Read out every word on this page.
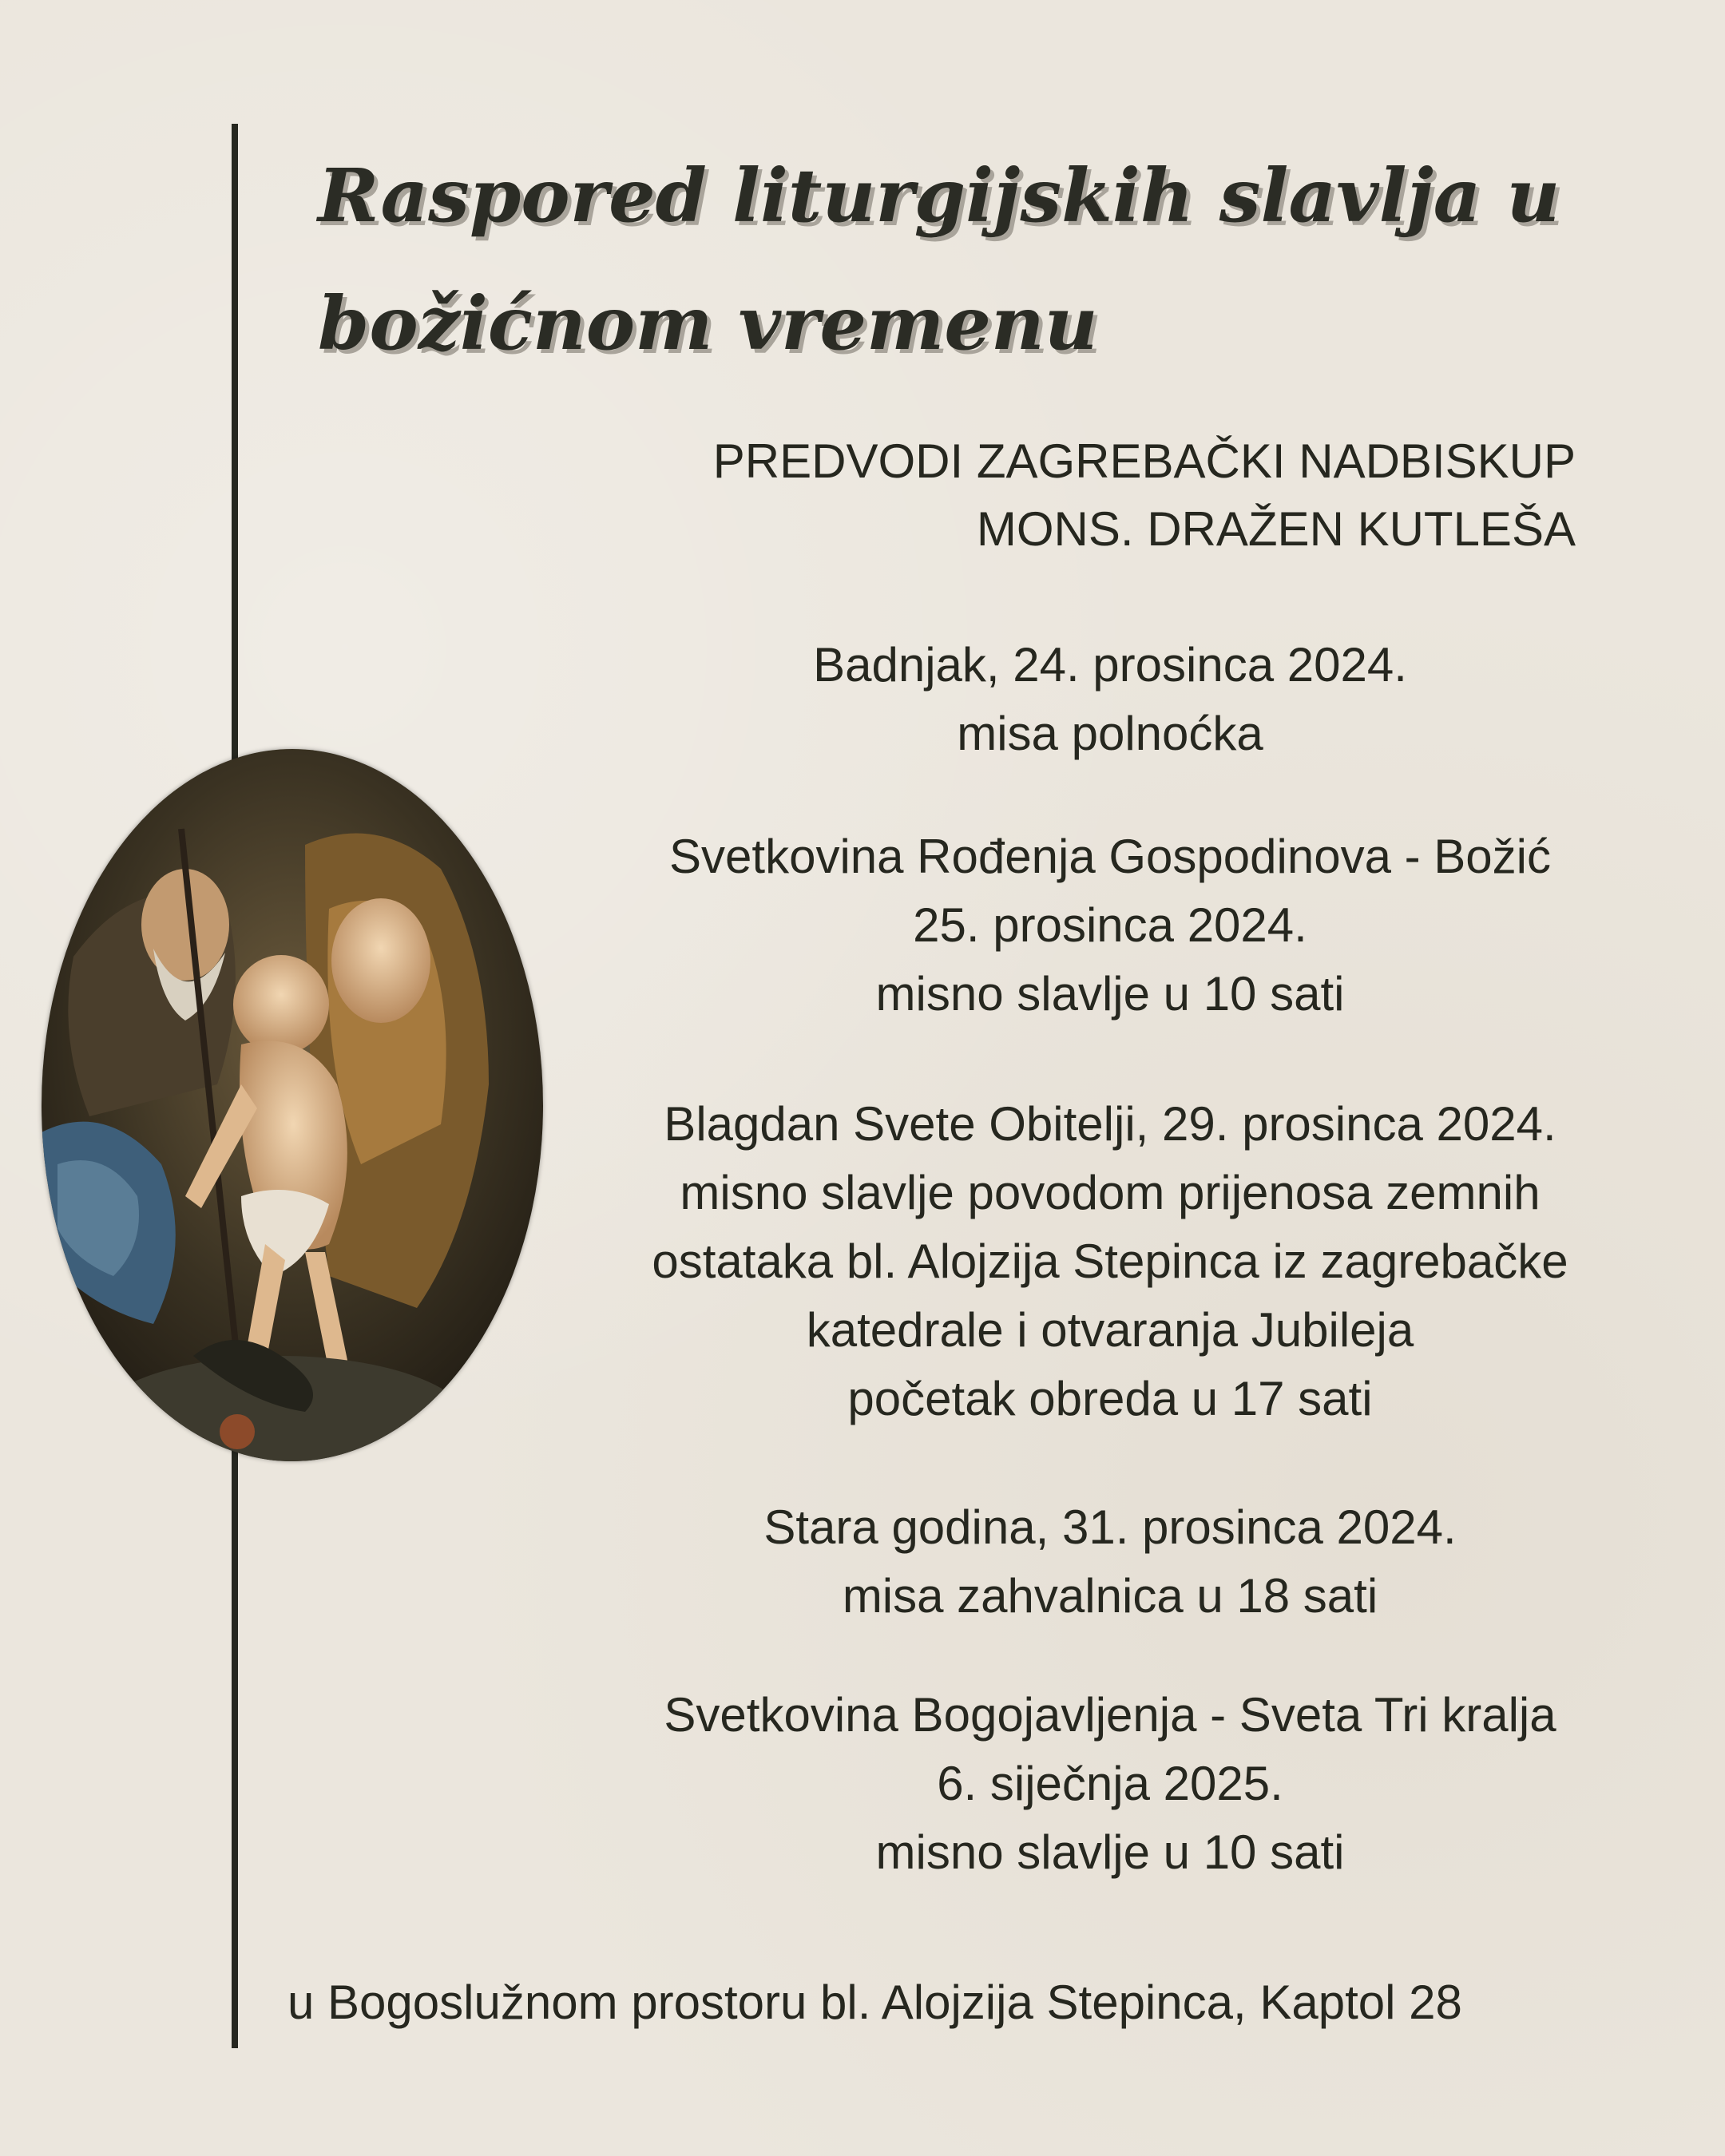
Raspored liturgijskih slavlja u
božićnom vremenu
PREDVODI ZAGREBAČKI NADBISKUP
MONS. DRAŽEN KUTLEŠA
Badnjak, 24. prosinca 2024.
misa polnoćka
Svetkovina Rođenja Gospodinova - Božić
25. prosinca 2024.
misno slavlje u 10 sati
Blagdan Svete Obitelji, 29. prosinca 2024.
misno slavlje povodom prijenosa zemnih
ostataka bl. Alojzija Stepinca iz zagrebačke
katedrale i otvaranja Jubileja
početak obreda u 17 sati
Stara godina, 31. prosinca 2024.
misa zahvalnica u 18 sati
Svetkovina Bogojavljenja - Sveta Tri kralja
6. siječnja 2025.
misno slavlje u 10 sati
u Bogoslužnom prostoru bl. Alojzija Stepinca, Kaptol 28
